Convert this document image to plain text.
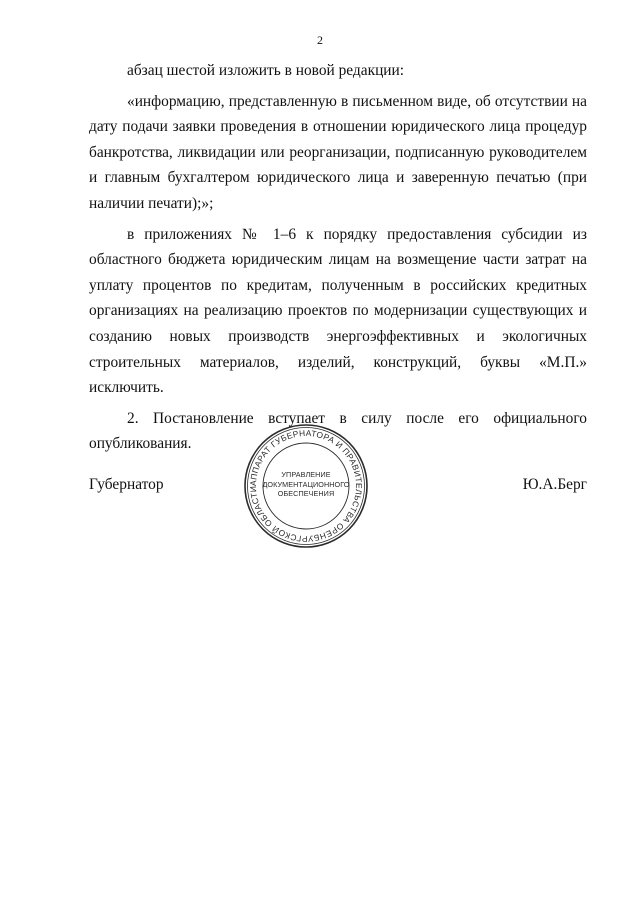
2

абзац шестой изложить в новой редакции:

«информацию, представленную в письменном виде, об отсутствии на дату подачи заявки проведения в отношении юридического лица процедур банкротства, ликвидации или реорганизации, подписанную руководителем и главным бухгалтером юридического лица и заверенную печатью (при наличии печати);»;

в приложениях № 1–6 к порядку предоставления субсидии из областного бюджета юридическим лицам на возмещение части затрат на уплату процентов по кредитам, полученным в российских кредитных организациях на реализацию проектов по модернизации существующих и созданию новых производств энергоэффективных и экологичных строительных материалов, изделий, конструкций, буквы «М.П.» исключить.

2. Постановление вступает в силу после его официального опубликования.

Губернатор	Ю.А.Берг
АППАРАТ ГУБЕРНАТОРА И ПРАВИТЕЛЬСТВА ОРЕНБУРГСКОЙ ОБЛАСТИ
УПРАВЛЕНИЕ
ДОКУМЕНТАЦИОННОГО
ОБЕСПЕЧЕНИЯ
